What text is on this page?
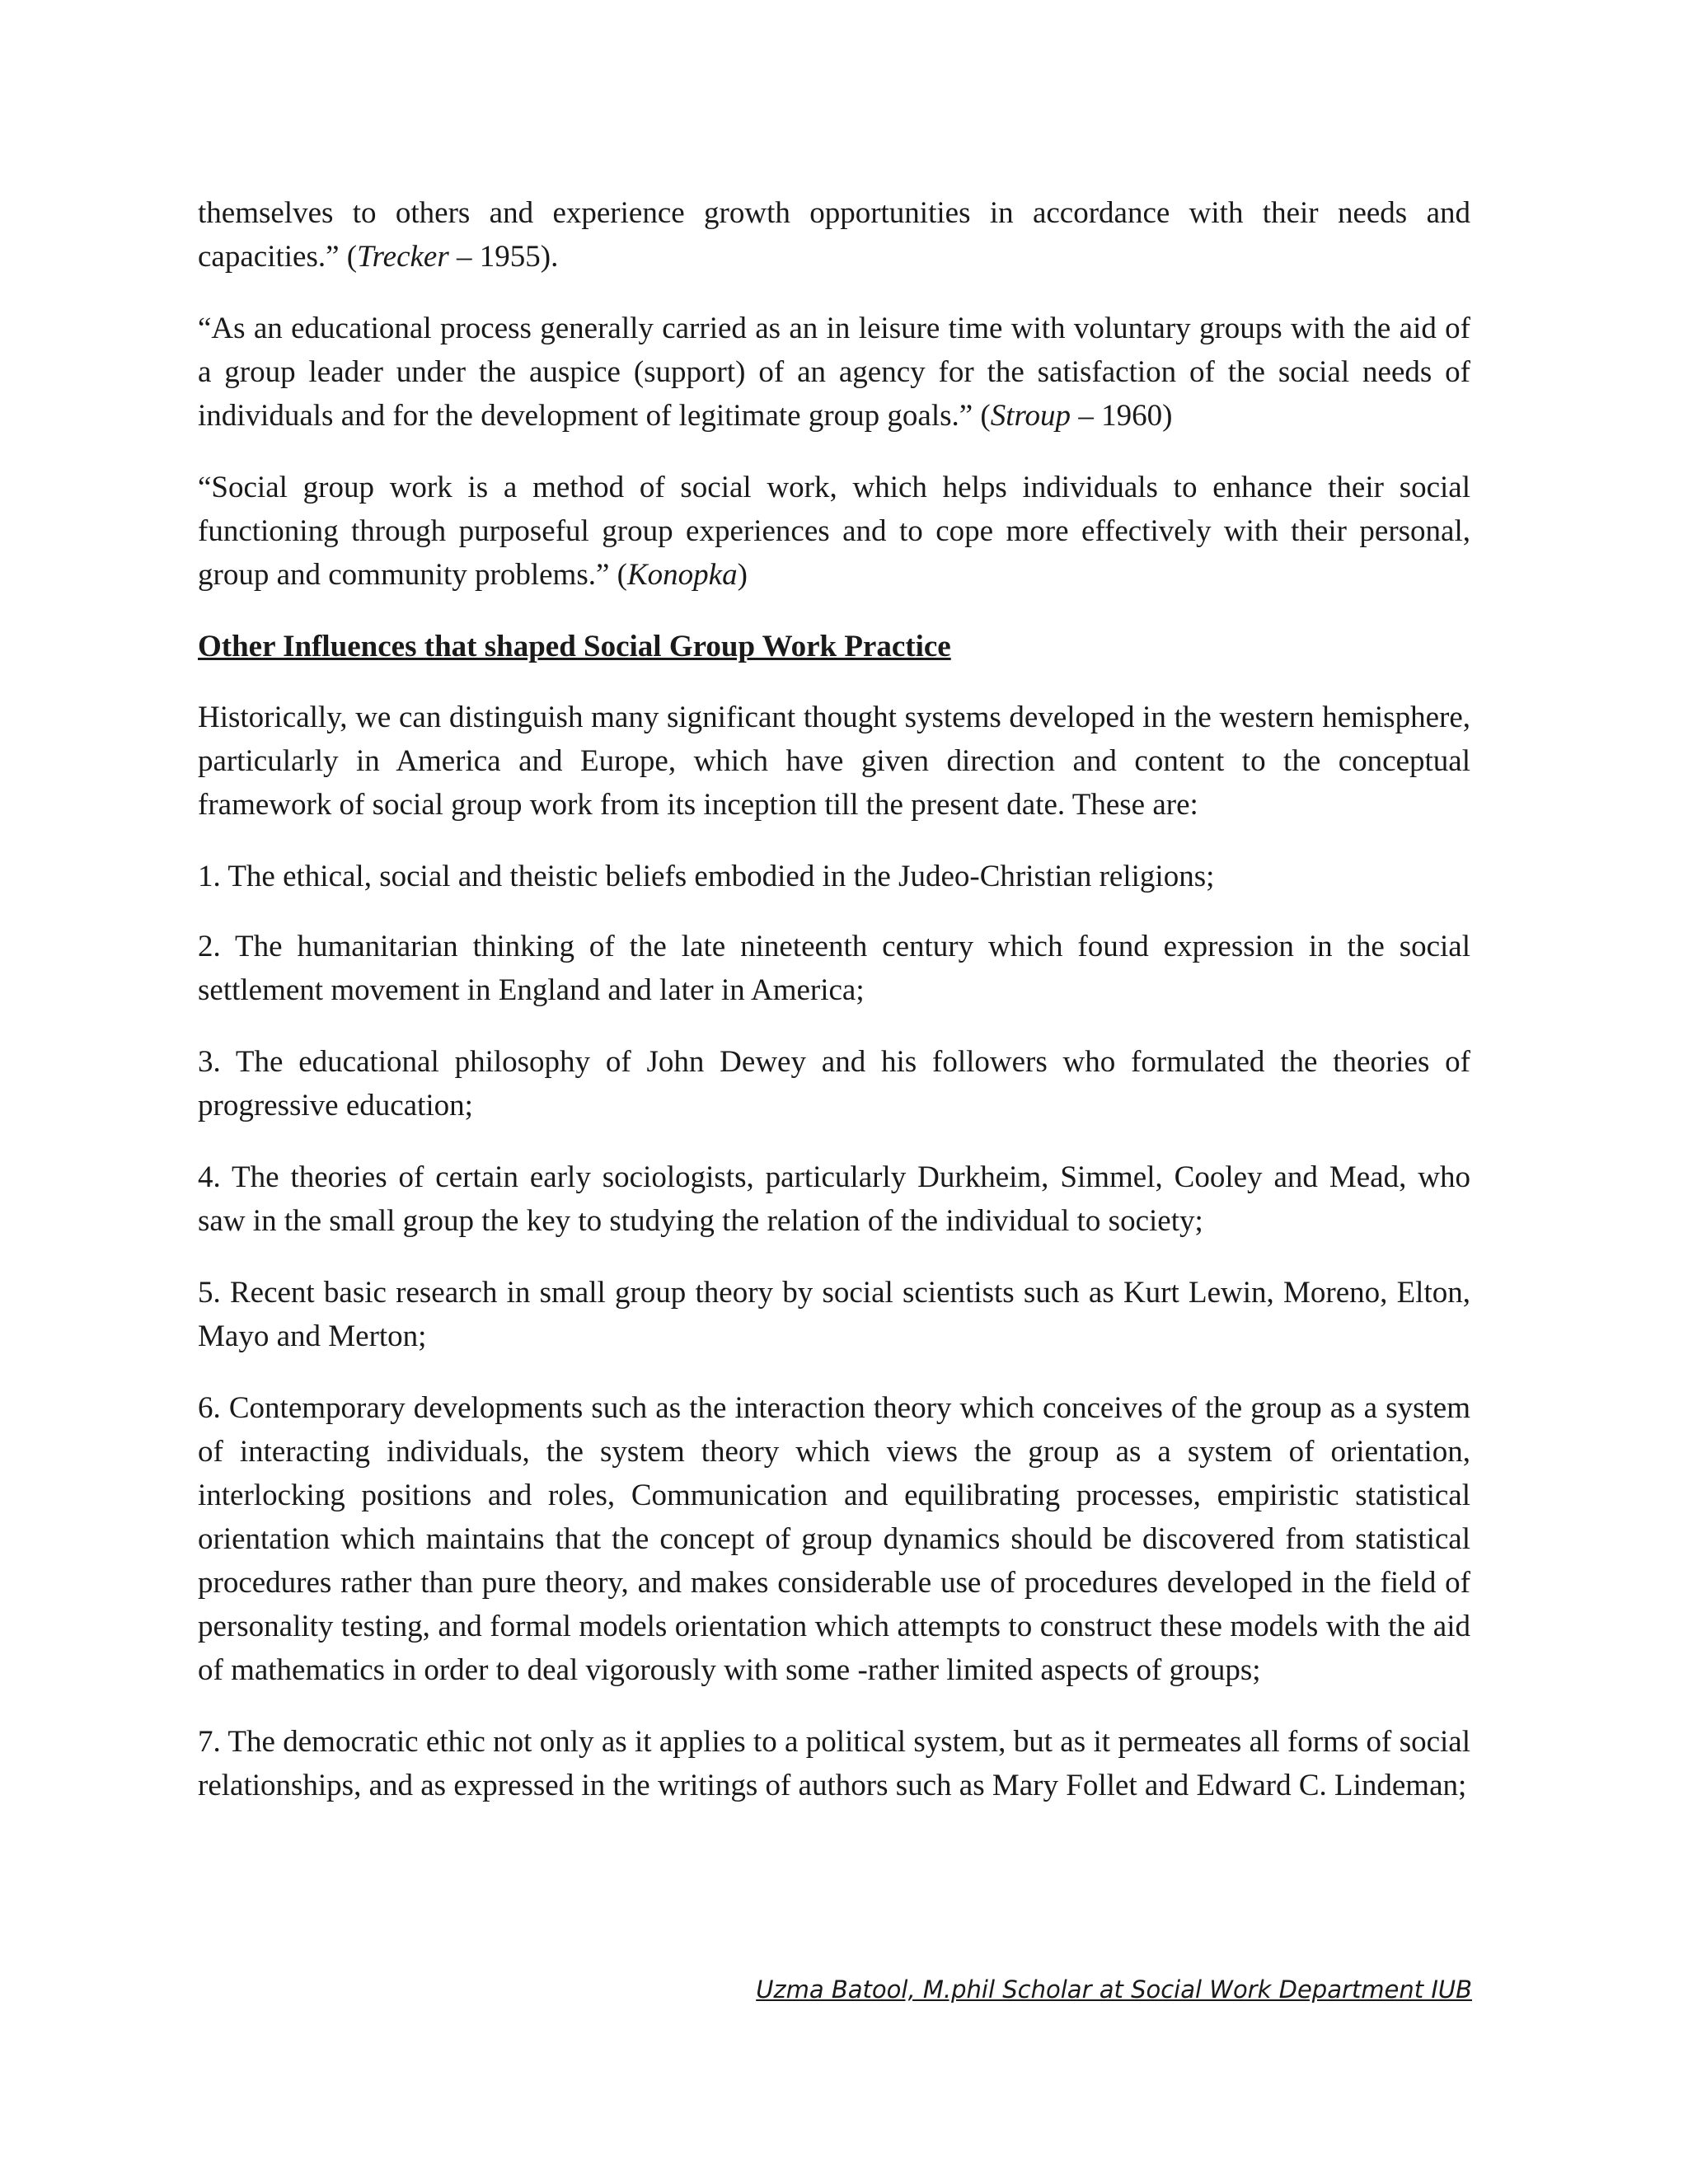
themselves to others and experience growth opportunities in accordance with their needs and capacities.” (Trecker – 1955).

“As an educational process generally carried as an in leisure time with voluntary groups with the aid of a group leader under the auspice (support) of an agency for the satisfaction of the social needs of individuals and for the development of legitimate group goals.” (Stroup – 1960)

“Social group work is a method of social work, which helps individuals to enhance their social functioning through purposeful group experiences and to cope more effectively with their personal, group and community problems.” (Konopka)

Other Influences that shaped Social Group Work Practice

Historically, we can distinguish many significant thought systems developed in the western hemisphere, particularly in America and Europe, which have given direction and content to the conceptual framework of social group work from its inception till the present date. These are:

1. The ethical, social and theistic beliefs embodied in the Judeo-Christian religions;

2. The humanitarian thinking of the late nineteenth century which found expression in the social settlement movement in England and later in America;

3. The educational philosophy of John Dewey and his followers who formulated the theories of progressive education;

4. The theories of certain early sociologists, particularly Durkheim, Simmel, Cooley and Mead, who saw in the small group the key to studying the relation of the individual to society;

5. Recent basic research in small group theory by social scientists such as Kurt Lewin, Moreno, Elton, Mayo and Merton;

6. Contemporary developments such as the interaction theory which conceives of the group as a system of interacting individuals, the system theory which views the group as a system of orientation, interlocking positions and roles, Communication and equilibrating processes, empiristic statistical orientation which maintains that the concept of group dynamics should be discovered from statistical procedures rather than pure theory, and makes considerable use of procedures developed in the field of personality testing, and formal models orientation which attempts to construct these models with the aid of mathematics in order to deal vigorously with some -rather limited aspects of groups;

7. The democratic ethic not only as it applies to a political system, but as it permeates all forms of social relationships, and as expressed in the writings of authors such as Mary Follet and Edward C. Lindeman;

Uzma Batool, M.phil Scholar at Social Work Department IUB
